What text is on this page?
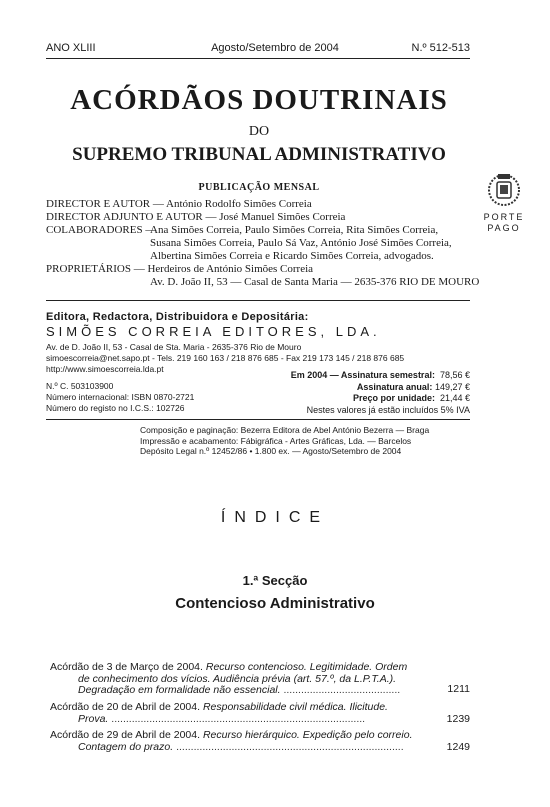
ANO XLIII	Agosto/Setembro de 2004	N.º 512-513
ACÓRDÃOS DOUTRINAIS
DO
SUPREMO TRIBUNAL ADMINISTRATIVO
PUBLICAÇÃO MENSAL
DIRECTOR E AUTOR — António Rodolfo Simões Correia
DIRECTOR ADJUNTO E AUTOR — José Manuel Simões Correia
COLABORADORES —
Ana Simões Correia, Paulo Simões Correia, Rita Simões Correia,
Susana Simões Correia, Paulo Sá Vaz, António José Simões Correia,
Albertina Simões Correia e Ricardo Simões Correia, advogados.
PROPRIETÁRIOS — Herdeiros de António Simões Correia
Av. D. João II, 53 — Casal de Santa Maria — 2635-376 RIO DE MOURO
PORTE
PAGO
Editora, Redactora, Distribuidora e Depositária:
SIMÕES CORREIA EDITORES, LDA.
Av. de D. João II, 53 - Casal de Sta. Maria - 2635-376 Rio de Mouro
simoescorreia@net.sapo.pt - Tels. 219 160 163 / 218 876 685 - Fax 219 173 145 / 218 876 685
http://www.simoescorreia.lda.pt
N.º C. 503103900
Número internacional: ISBN 0870-2721
Número do registo no I.C.S.: 102726
Em 2004 — Assinatura semestral: 78,56 €
Assinatura anual: 149,27 €
Preço por unidade: 21,44 €
Nestes valores já estão incluídos 5% IVA
Composição e paginação: Bezerra Editora de Abel António Bezerra — Braga
Impressão e acabamento: Fábigráfica - Artes Gráficas, Lda. — Barcelos
Depósito Legal n.º 12452/86 • 1.800 ex. — Agosto/Setembro de 2004
ÍNDICE
1.ª Secção
Contencioso Administrativo
Acórdão de 3 de Março de 2004. Recurso contencioso. Legitimidade. Ordem
de conhecimento dos vícios. Audiência prévia (art. 57.º, da L.P.T.A.).
Degradação em formalidade não essencial. ........................................	1211
Acórdão de 20 de Abril de 2004. Responsabilidade civil médica. Ilicitude.
Prova. .......................................................................................	1239
Acórdão de 29 de Abril de 2004. Recurso hierárquico. Expedição pelo correio.
Contagem do prazo. ..............................................................................	1249
